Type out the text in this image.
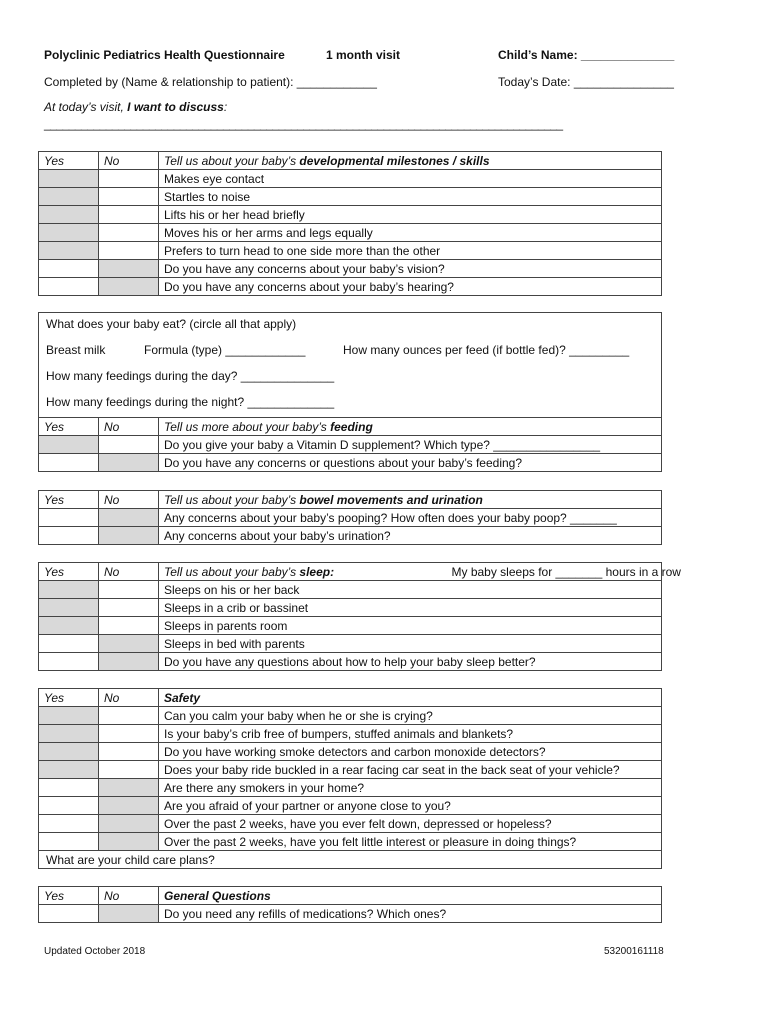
Polyclinic Pediatrics Health Questionnaire	1 month visit	Child’s Name: ______________
Completed by (Name & relationship to patient): ____________	Today’s Date: _______________
At today’s visit, I want to discuss:
____________________________________________________________________________________
Yes	No	Tell us about your baby’s developmental milestones / skills
		Makes eye contact
		Startles to noise
		Lifts his or her head briefly
		Moves his or her arms and legs equally
		Prefers to turn head to one side more than the other
		Do you have any concerns about your baby’s vision?
		Do you have any concerns about your baby’s hearing?
What does your baby eat? (circle all that apply)
Breast milk	Formula (type) ____________	How many ounces per feed (if bottle fed)? _________
How many feedings during the day? ______________
How many feedings during the night? _____________
Yes	No	Tell us more about your baby’s feeding
		Do you give your baby a Vitamin D supplement? Which type? ________________
		Do you have any concerns or questions about your baby’s feeding?
Yes	No	Tell us about your baby’s bowel movements and urination
		Any concerns about your baby’s pooping? How often does your baby poop? _______
		Any concerns about your baby’s urination?
Yes	No	Tell us about your baby’s sleep: My baby sleeps for _______ hours in a row

		Sleeps on his or her back
		Sleeps in a crib or bassinet
		Sleeps in parents room
		Sleeps in bed with parents
		Do you have any questions about how to help your baby sleep better?
Yes	No	Safety
		Can you calm your baby when he or she is crying?
		Is your baby’s crib free of bumpers, stuffed animals and blankets?
		Do you have working smoke detectors and carbon monoxide detectors?
		Does your baby ride buckled in a rear facing car seat in the back seat of your vehicle?
		Are there any smokers in your home?
		Are you afraid of your partner or anyone close to you?
		Over the past 2 weeks, have you ever felt down, depressed or hopeless?
		Over the past 2 weeks, have you felt little interest or pleasure in doing things?
What are your child care plans?		
Yes	No	General Questions
		Do you need any refills of medications? Which ones?
Updated October 2018	53200161118
